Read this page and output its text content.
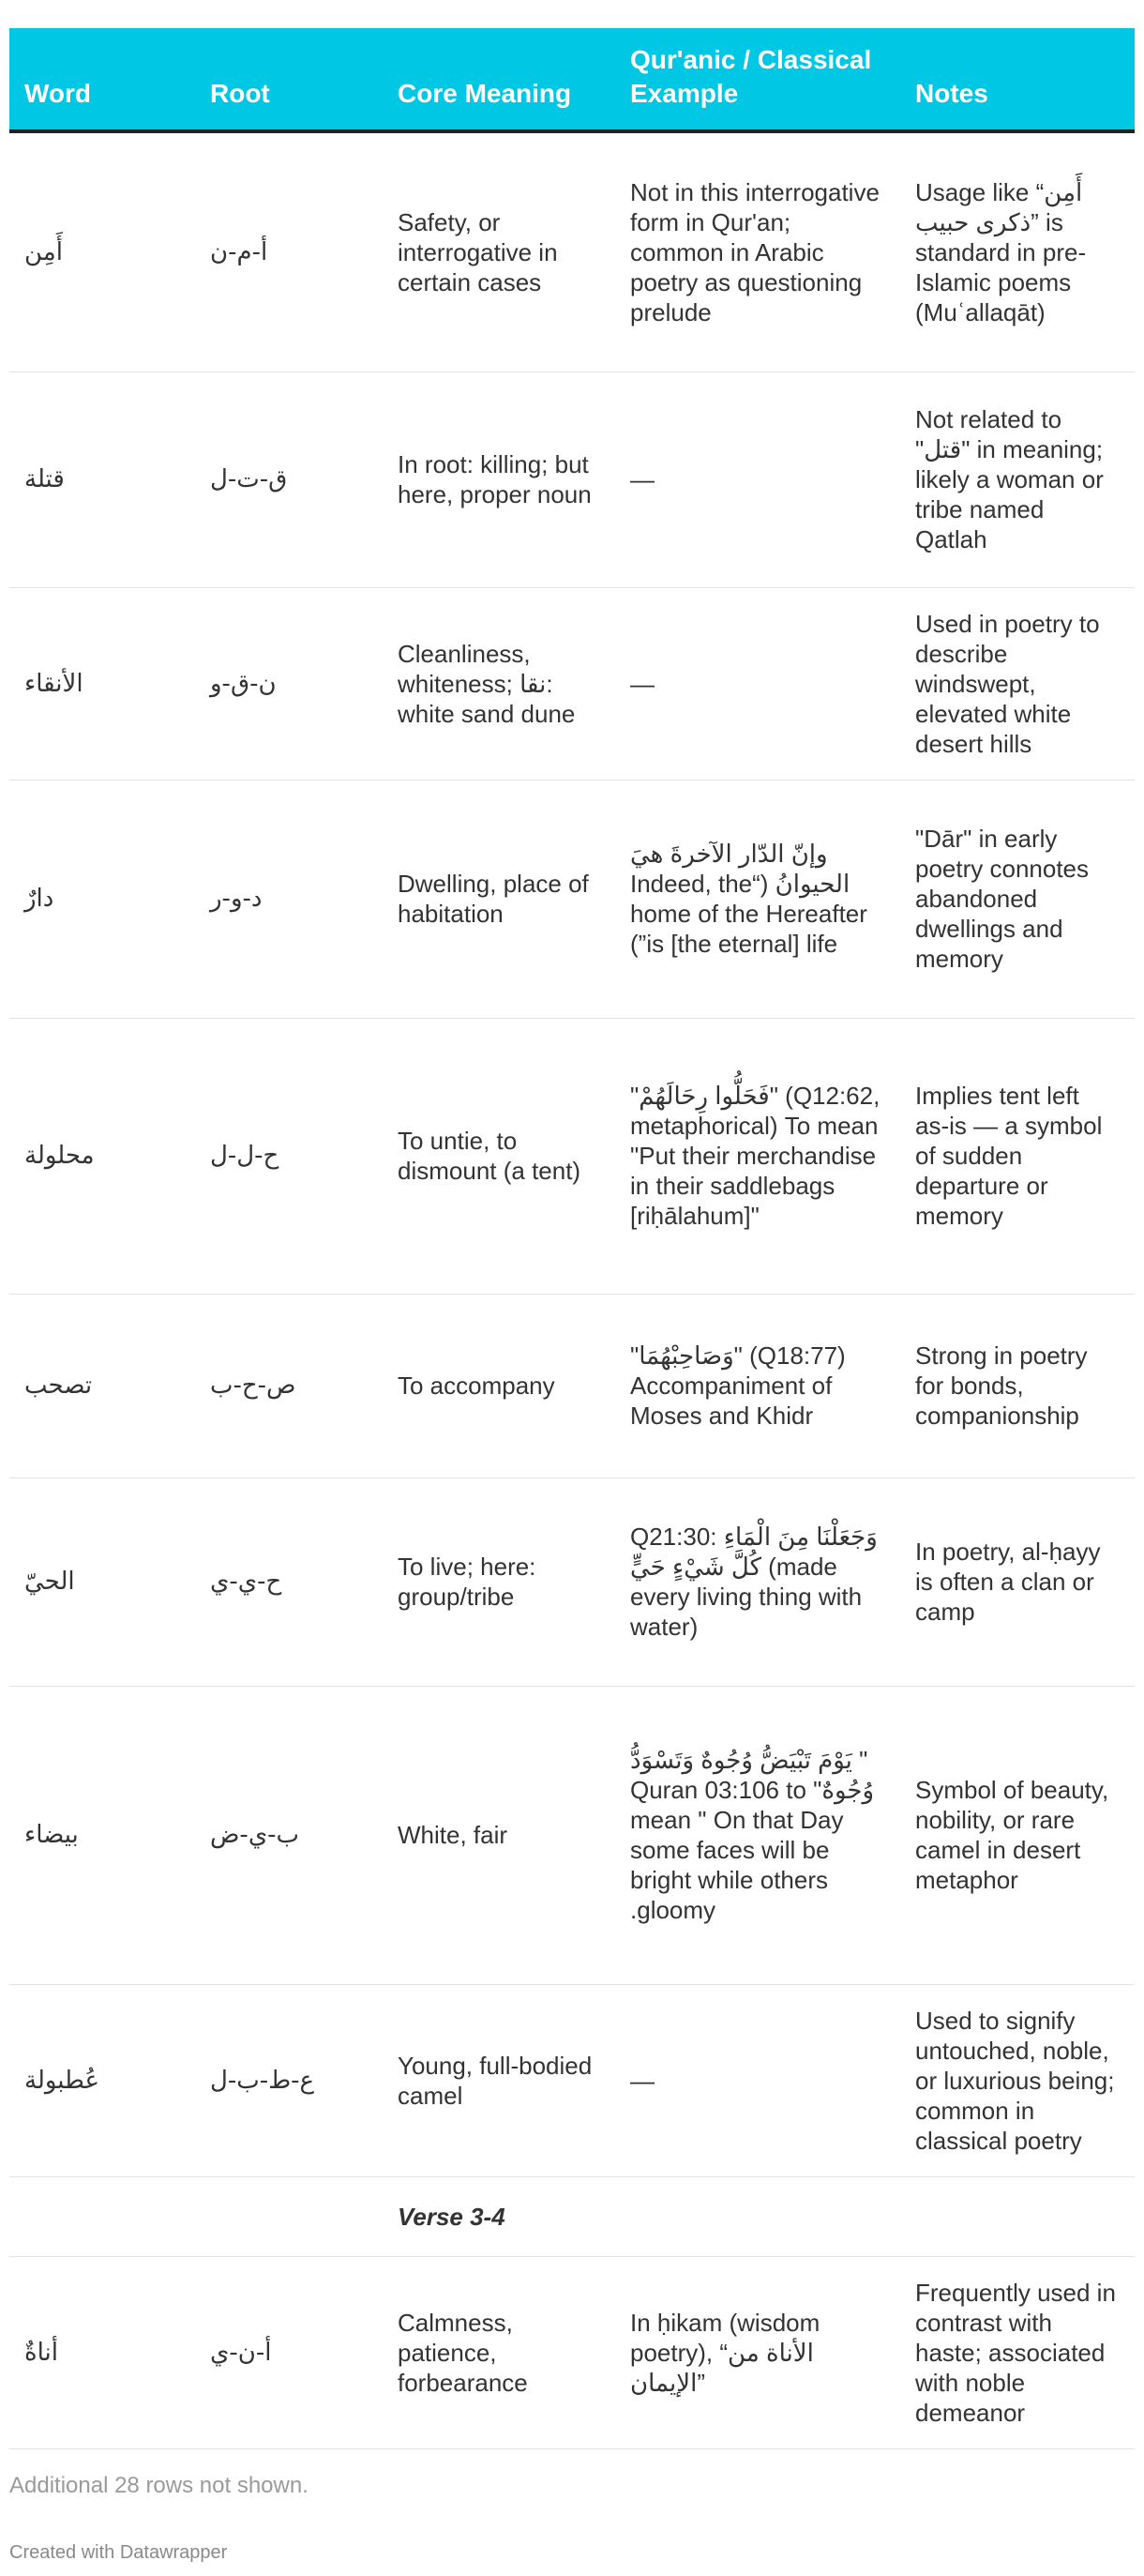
Word	Root	Core Meaning	Qur'anic / Classical Example	Notes
أَمِن	أ-م-ن	Safety, or interrogative in certain cases	Not in this interrogative form in Qur'an; common in Arabic poetry as questioning prelude	Usage like “أَمِن ذكرى حبيب” is standard in pre-Islamic poems (Muʿallaqāt)
قتلة	ق-ت-ل	In root: killing; but here, proper noun	—	Not related to "قتل" in meaning; likely a woman or tribe named Qatlah
الأنقاء	ن-ق-و	Cleanliness, whiteness; نقا: white sand dune	—	Used in poetry to describe windswept, elevated white desert hills
دارٌ	د-و-ر	Dwelling, place of habitation	وإنّ الدّار الآخرةَ هيَ الحيوانُ (“Indeed, the home of the Hereafter is [the eternal] life”)	"Dār" in early poetry connotes abandoned dwellings and memory
محلولة	ح-ل-ل	To untie, to dismount (a tent)	"فَحَلُّوا رِحَالَهُمْ" (Q12:62, metaphorical) To mean "Put their merchandise in their saddlebags [riḥālahum]"	Implies tent left as-is — a symbol of sudden departure or memory
تصحب	ص-ح-ب	To accompany	"وَصَاحِبْهُمَا" (Q18:77) Accompaniment of Moses and Khidr	Strong in poetry for bonds, companionship
الحيّ	ح-ي-ي	To live; here: group/tribe	Q21:30: وَجَعَلْنَا مِنَ الْمَاءِ كُلَّ شَيْءٍ حَيٍّ (made every living thing with water)	In poetry, al-ḥayy is often a clan or camp
بيضاء	ب-ي-ض	White, fair	" يَوْمَ تَبْيَضُّ وُجُوهٌ وَتَسْوَدُّ وُجُوهٌ" Quran 03:106 to mean " On that Day some faces will be bright while others gloomy.	Symbol of beauty, nobility, or rare camel in desert metaphor
عُطبولة	ع-ط-ب-ل	Young, full-bodied camel	—	Used to signify untouched, noble, or luxurious being; common in classical poetry
		Verse 3-4		
أناةٌ	أ-ن-ي	Calmness, patience, forbearance	In ḥikam (wisdom poetry), “الأناة من الإيمان”	Frequently used in contrast with haste; associated with noble demeanor
Additional 28 rows not shown.
Created with Datawrapper
